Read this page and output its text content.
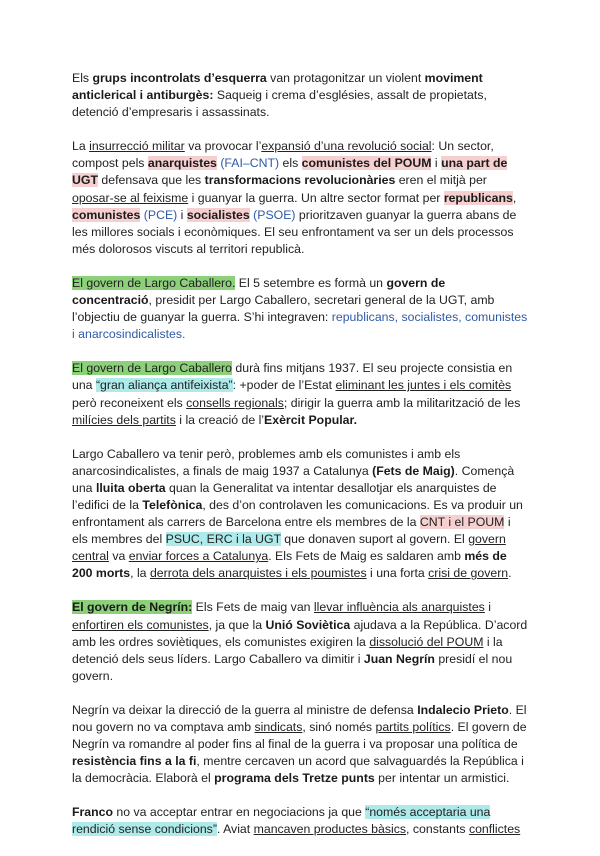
Els grups incontrolats d’esquerra van protagonitzar un violent moviment anticlerical i antiburgès: Saqueig i crema d’esglésies, assalt de propietats, detenció d’empresaris i assassinats.

La insurrecció militar va provocar l’expansió d’una revolució social: Un sector, compost pels anarquistes (FAI–CNT) els comunistes del POUM i una part de UGT defensava que les transformacions revolucionàries eren el mitjà per oposar-se al feixisme i guanyar la guerra. Un altre sector format per republicans, comunistes (PCE) i socialistes (PSOE) prioritzaven guanyar la guerra abans de les millores socials i econòmiques. El seu enfrontament va ser un dels processos més dolorosos viscuts al territori republicà.

El govern de Largo Caballero. El 5 setembre es formà un govern de concentració, presidit per Largo Caballero, secretari general de la UGT, amb l’objectiu de guanyar la guerra. S’hi integraven: republicans, socialistes, comunistes i anarcosindicalistes.

El govern de Largo Caballero durà fins mitjans 1937. El seu projecte consistia en una “gran aliança antifeixista”: +poder de l’Estat eliminant les juntes i els comitès però reconeixent els consells regionals; dirigir la guerra amb la militarització de les milícies dels partits i la creació de l’Exèrcit Popular.

Largo Caballero va tenir però, problemes amb els comunistes i amb els anarcosindicalistes, a finals de maig 1937 a Catalunya (Fets de Maig). Començà una lluita oberta quan la Generalitat va intentar desallotjar els anarquistes de l’edifici de la Telefònica, des d’on controlaven les comunicacions. Es va produir un enfrontament als carrers de Barcelona entre els membres de la CNT i el POUM i els membres del PSUC, ERC i la UGT que donaven suport al govern. El govern central va enviar forces a Catalunya. Els Fets de Maig es saldaren amb més de 200 morts, la derrota dels anarquistes i els poumistes i una forta crisi de govern.

El govern de Negrín: Els Fets de maig van llevar influència als anarquistes i enfortiren els comunistes, ja que la Unió Soviètica ajudava a la República. D’acord amb les ordres soviètiques, els comunistes exigiren la dissolució del POUM i la detenció dels seus líders. Largo Caballero va dimitir i Juan Negrín presidí el nou govern.

Negrín va deixar la direcció de la guerra al ministre de defensa Indalecio Prieto. El nou govern no va comptava amb sindicats, sinó només partits polítics. El govern de Negrín va romandre al poder fins al final de la guerra i va proposar una política de resistència fins a la fi, mentre cercaven un acord que salvaguardés la República i la democràcia. Elaborà el programa dels Tretze punts per intentar un armistici.

Franco no va acceptar entrar en negociacions ja que “només acceptaria una rendició sense condicions”. Aviat mancaven productes bàsics, constants conflictes
